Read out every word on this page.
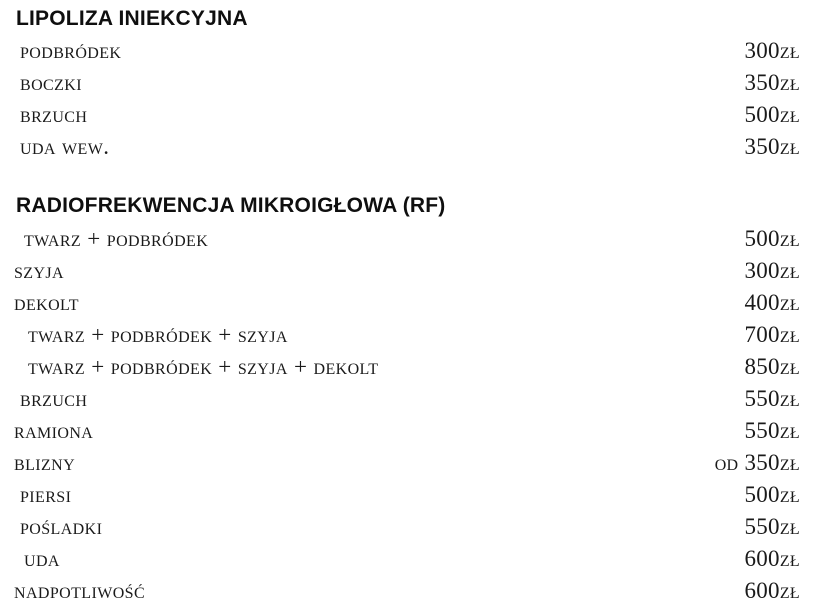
LIPOLIZA INIEKCYJNA
podbródek	300zł
boczki	350zł
brzuch	500zł
uda wew.	350zł
RADIOFREKWENCJA MIKROIGŁOWA (RF)
twarz + podbródek	500zł
szyja	300zł
dekolt	400zł
twarz + podbródek + szyja	700zł
twarz + podbródek + szyja + dekolt	850zł
brzuch	550zł
ramiona	550zł
blizny	od 350zł
piersi	500zł
pośladki	550zł
uda	600zł
nadpotliwość	600zł
